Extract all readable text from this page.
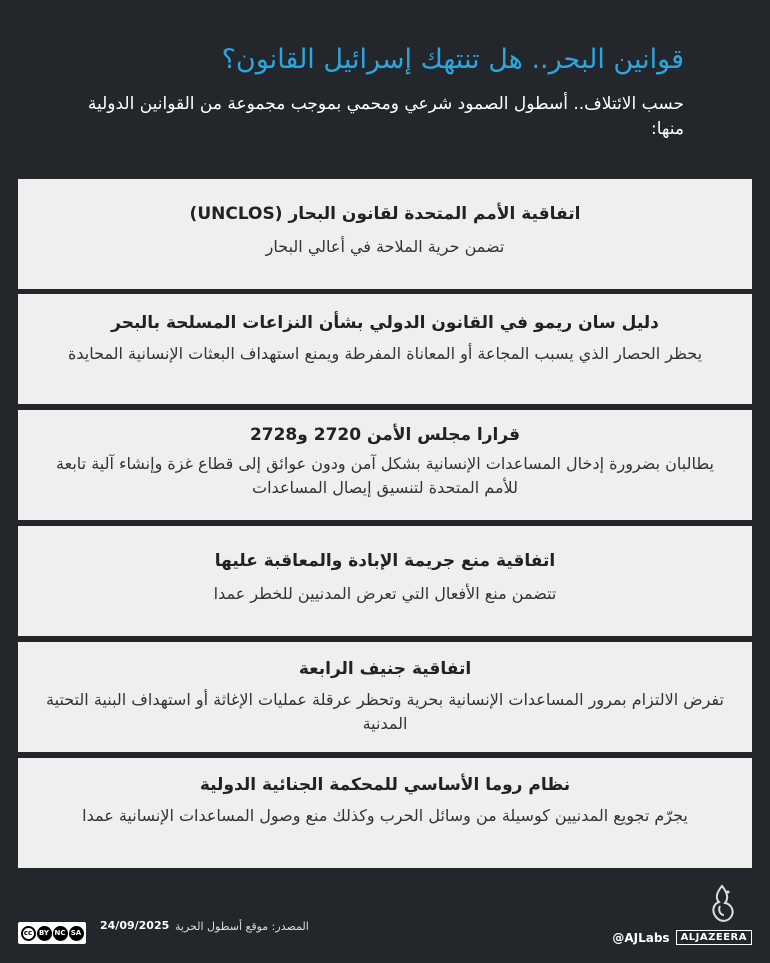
قوانين البحر.. هل تنتهك إسرائيل القانون؟

حسب الائتلاف.. أسطول الصمود شرعي ومحمي بموجب مجموعة من القوانين الدولية منها:

اتفاقية الأمم المتحدة لقانون البحار (UNCLOS)
تضمن حرية الملاحة في أعالي البحار
دليل سان ريمو في القانون الدولي بشأن النزاعات المسلحة بالبحر
يحظر الحصار الذي يسبب المجاعة أو المعاناة المفرطة ويمنع استهداف البعثات الإنسانية المحايدة
قرارا مجلس الأمن 2720 و2728
يطالبان بضرورة إدخال المساعدات الإنسانية بشكل آمن ودون عوائق إلى قطاع غزة وإنشاء آلية تابعة للأمم المتحدة لتنسيق إيصال المساعدات
اتفاقية منع جريمة الإبادة والمعاقبة عليها
تتضمن منع الأفعال التي تعرض المدنيين للخطر عمدا
اتفاقية جنيف الرابعة
تفرض الالتزام بمرور المساعدات الإنسانية بحرية وتحظر عرقلة عمليات الإغاثة أو استهداف البنية التحتية المدنية
نظام روما الأساسي للمحكمة الجنائية الدولية
يجرّم تجويع المدنيين كوسيلة من وسائل الحرب وكذلك منع وصول المساعدات الإنسانية عمدا
cc BY NC SA
24/09/2025 المصدر: موقع أسطول الحرية
@AJLabs	ALJAZEERA
